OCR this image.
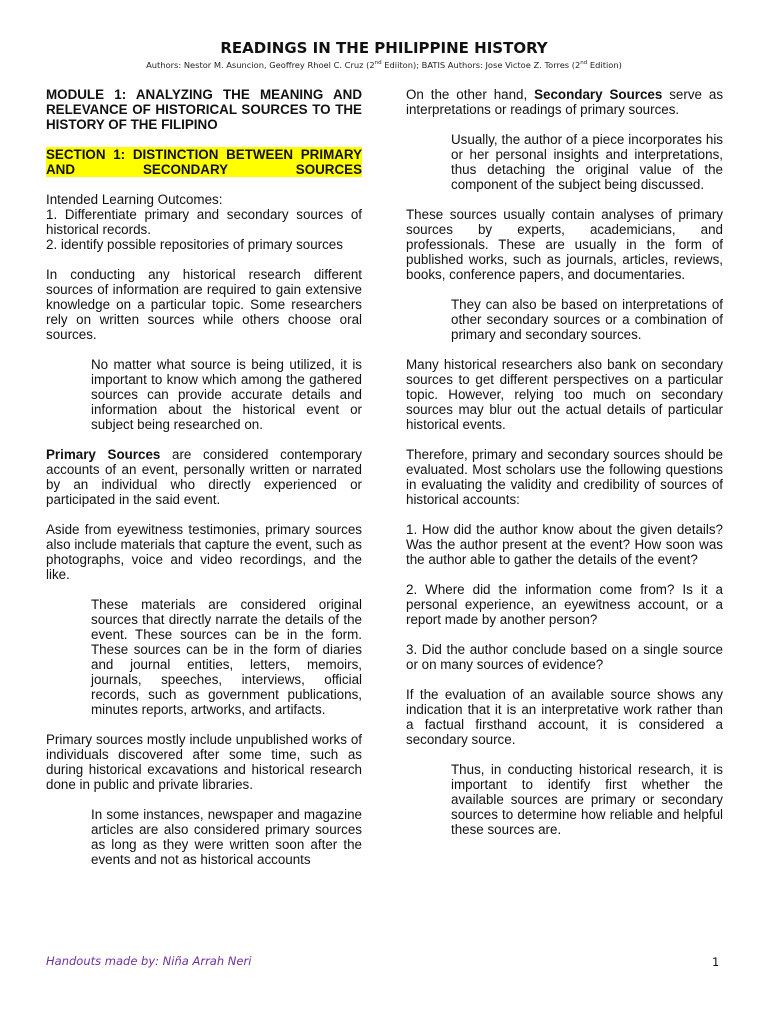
READINGS IN THE PHILIPPINE HISTORY
Authors: Nestor M. Asuncion, Geoffrey Rhoel C. Cruz (2nd Ediiton); BATIS Authors: Jose Victoe Z. Torres (2nd Edition)

MODULE 1: ANALYZING THE MEANING AND RELEVANCE OF HISTORICAL SOURCES TO THE HISTORY OF THE FILIPINO

SECTION 1: DISTINCTION BETWEEN PRIMARY AND SECONDARY SOURCES

Intended Learning Outcomes:

1. Differentiate primary and secondary sources of historical records.

2. identify possible repositories of primary sources

In conducting any historical research different sources of information are required to gain extensive knowledge on a particular topic. Some researchers rely on written sources while others choose oral sources.

No matter what source is being utilized, it is important to know which among the gathered sources can provide accurate details and information about the historical event or subject being researched on.

Primary Sources are considered contemporary accounts of an event, personally written or narrated by an individual who directly experienced or participated in the said event.

Aside from eyewitness testimonies, primary sources also include materials that capture the event, such as photographs, voice and video recordings, and the like.

These materials are considered original sources that directly narrate the details of the event. These sources can be in the form. These sources can be in the form of diaries and journal entities, letters, memoirs, journals, speeches, interviews, official records, such as government publications, minutes reports, artworks, and artifacts.

Primary sources mostly include unpublished works of individuals discovered after some time, such as during historical excavations and historical research done in public and private libraries.

In some instances, newspaper and magazine articles are also considered primary sources as long as they were written soon after the events and not as historical accounts

On the other hand, Secondary Sources serve as interpretations or readings of primary sources.

Usually, the author of a piece incorporates his or her personal insights and interpretations, thus detaching the original value of the component of the subject being discussed.

These sources usually contain analyses of primary sources by experts, academicians, and professionals. These are usually in the form of published works, such as journals, articles, reviews, books, conference papers, and documentaries.

They can also be based on interpretations of other secondary sources or a combination of primary and secondary sources.

Many historical researchers also bank on secondary sources to get different perspectives on a particular topic. However, relying too much on secondary sources may blur out the actual details of particular historical events.

Therefore, primary and secondary sources should be evaluated. Most scholars use the following questions in evaluating the validity and credibility of sources of historical accounts:

1. How did the author know about the given details? Was the author present at the event? How soon was the author able to gather the details of the event?

2. Where did the information come from? Is it a personal experience, an eyewitness account, or a report made by another person?

3. Did the author conclude based on a single source or on many sources of evidence?

If the evaluation of an available source shows any indication that it is an interpretative work rather than a factual firsthand account, it is considered a secondary source.

Thus, in conducting historical research, it is important to identify first whether the available sources are primary or secondary sources to determine how reliable and helpful these sources are.

Handouts made by: Niña Arrah Neri	1
